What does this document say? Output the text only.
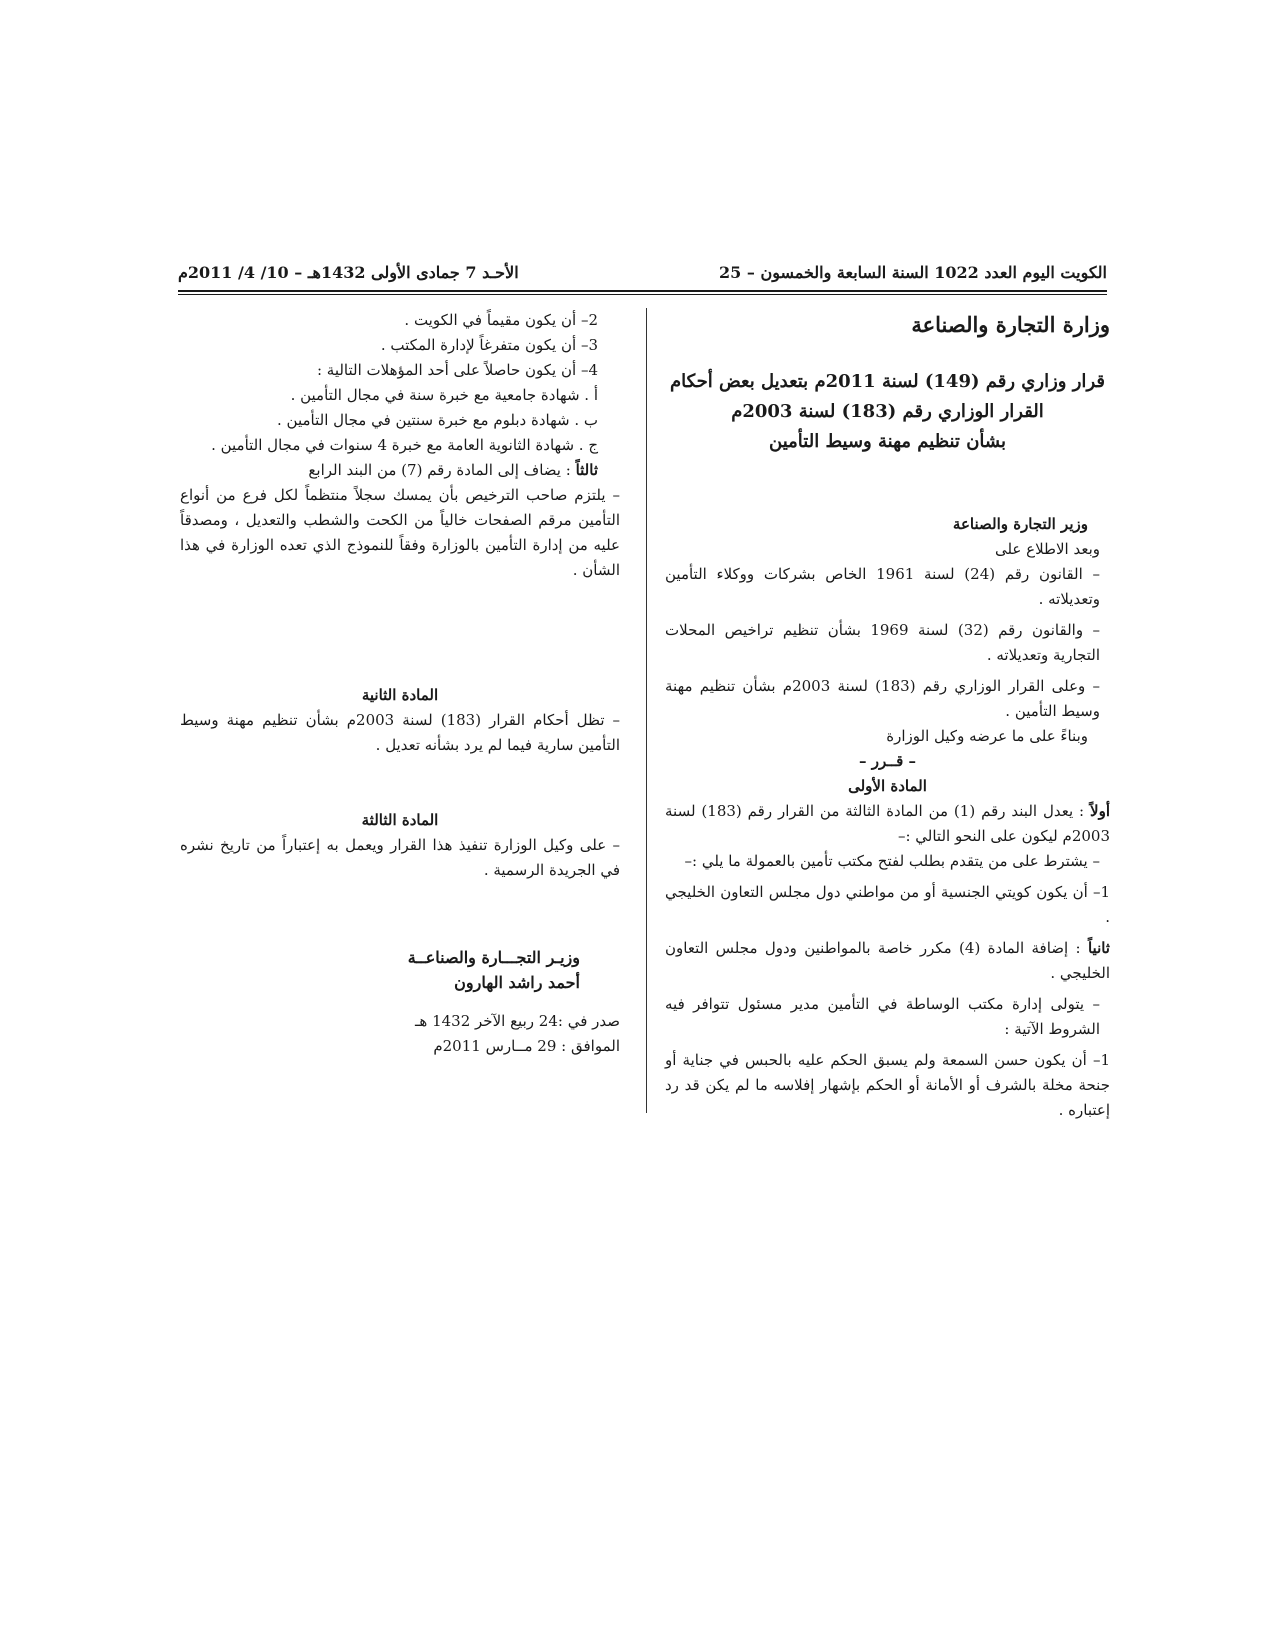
الكويت اليوم العدد 1022 السنة السابعة والخمسون – 25
الأحـد 7 جمادى الأولى 1432هـ – 10/ 4/ 2011م

وزارة التجارة والصناعة

قرار وزاري رقم (149) لسنة 2011م بتعديل بعض أحكام
القرار الوزاري رقم (183) لسنة 2003م
بشأن تنظيم مهنة وسيط التأمين

وزير التجارة والصناعة

وبعد الاطلاع على

– القانون رقم (24) لسنة 1961 الخاص بشركات ووكلاء التأمين وتعديلاته .

– والقانون رقم (32) لسنة 1969 بشأن تنظيم تراخيص المحلات التجارية وتعديلاته .

– وعلى القرار الوزاري رقم (183) لسنة 2003م بشأن تنظيم مهنة وسيط التأمين .

وبناءً على ما عرضه وكيل الوزارة

– قــرر –

المادة الأولى

أولاً : يعدل البند رقم (1) من المادة الثالثة من القرار رقم (183) لسنة 2003م ليكون على النحو التالي :–

– يشترط على من يتقدم بطلب لفتح مكتب تأمين بالعمولة ما يلي :–

1– أن يكون كويتي الجنسية أو من مواطني دول مجلس التعاون الخليجي .

ثانياً : إضافة المادة (4) مكرر خاصة بالمواطنين ودول مجلس التعاون الخليجي .

– يتولى إدارة مكتب الوساطة في التأمين مدير مسئول تتوافر فيه الشروط الآتية :

1– أن يكون حسن السمعة ولم يسبق الحكم عليه بالحبس في جناية أو جنحة مخلة بالشرف أو الأمانة أو الحكم بإشهار إفلاسه ما لم يكن قد رد إعتباره .

2– أن يكون مقيماً في الكويت .

3– أن يكون متفرغاً لإدارة المكتب .

4– أن يكون حاصلاً على أحد المؤهلات التالية :

أ . شهادة جامعية مع خبرة سنة في مجال التأمين .

ب . شهادة دبلوم مع خبرة سنتين في مجال التأمين .

ج . شهادة الثانوية العامة مع خبرة 4 سنوات في مجال التأمين .

ثالثاً : يضاف إلى المادة رقم (7) من البند الرابع

– يلتزم صاحب الترخيص بأن يمسك سجلاً منتظماً لكل فرع من أنواع التأمين مرقم الصفحات خالياً من الكحت والشطب والتعديل ، ومصدقاً عليه من إدارة التأمين بالوزارة وفقاً للنموذج الذي تعده الوزارة في هذا الشأن .

المادة الثانية

– تظل أحكام القرار (183) لسنة 2003م بشأن تنظيم مهنة وسيط التأمين سارية فيما لم يرد بشأنه تعديل .

المادة الثالثة

– على وكيل الوزارة تنفيذ هذا القرار ويعمل به إعتباراً من تاريخ نشره في الجريدة الرسمية .

وزيـر التجـــارة والصناعــة

أحمد راشد الهارون

صدر في :24 ربيع الآخر 1432 هـ

الموافق : 29 مــارس 2011م
